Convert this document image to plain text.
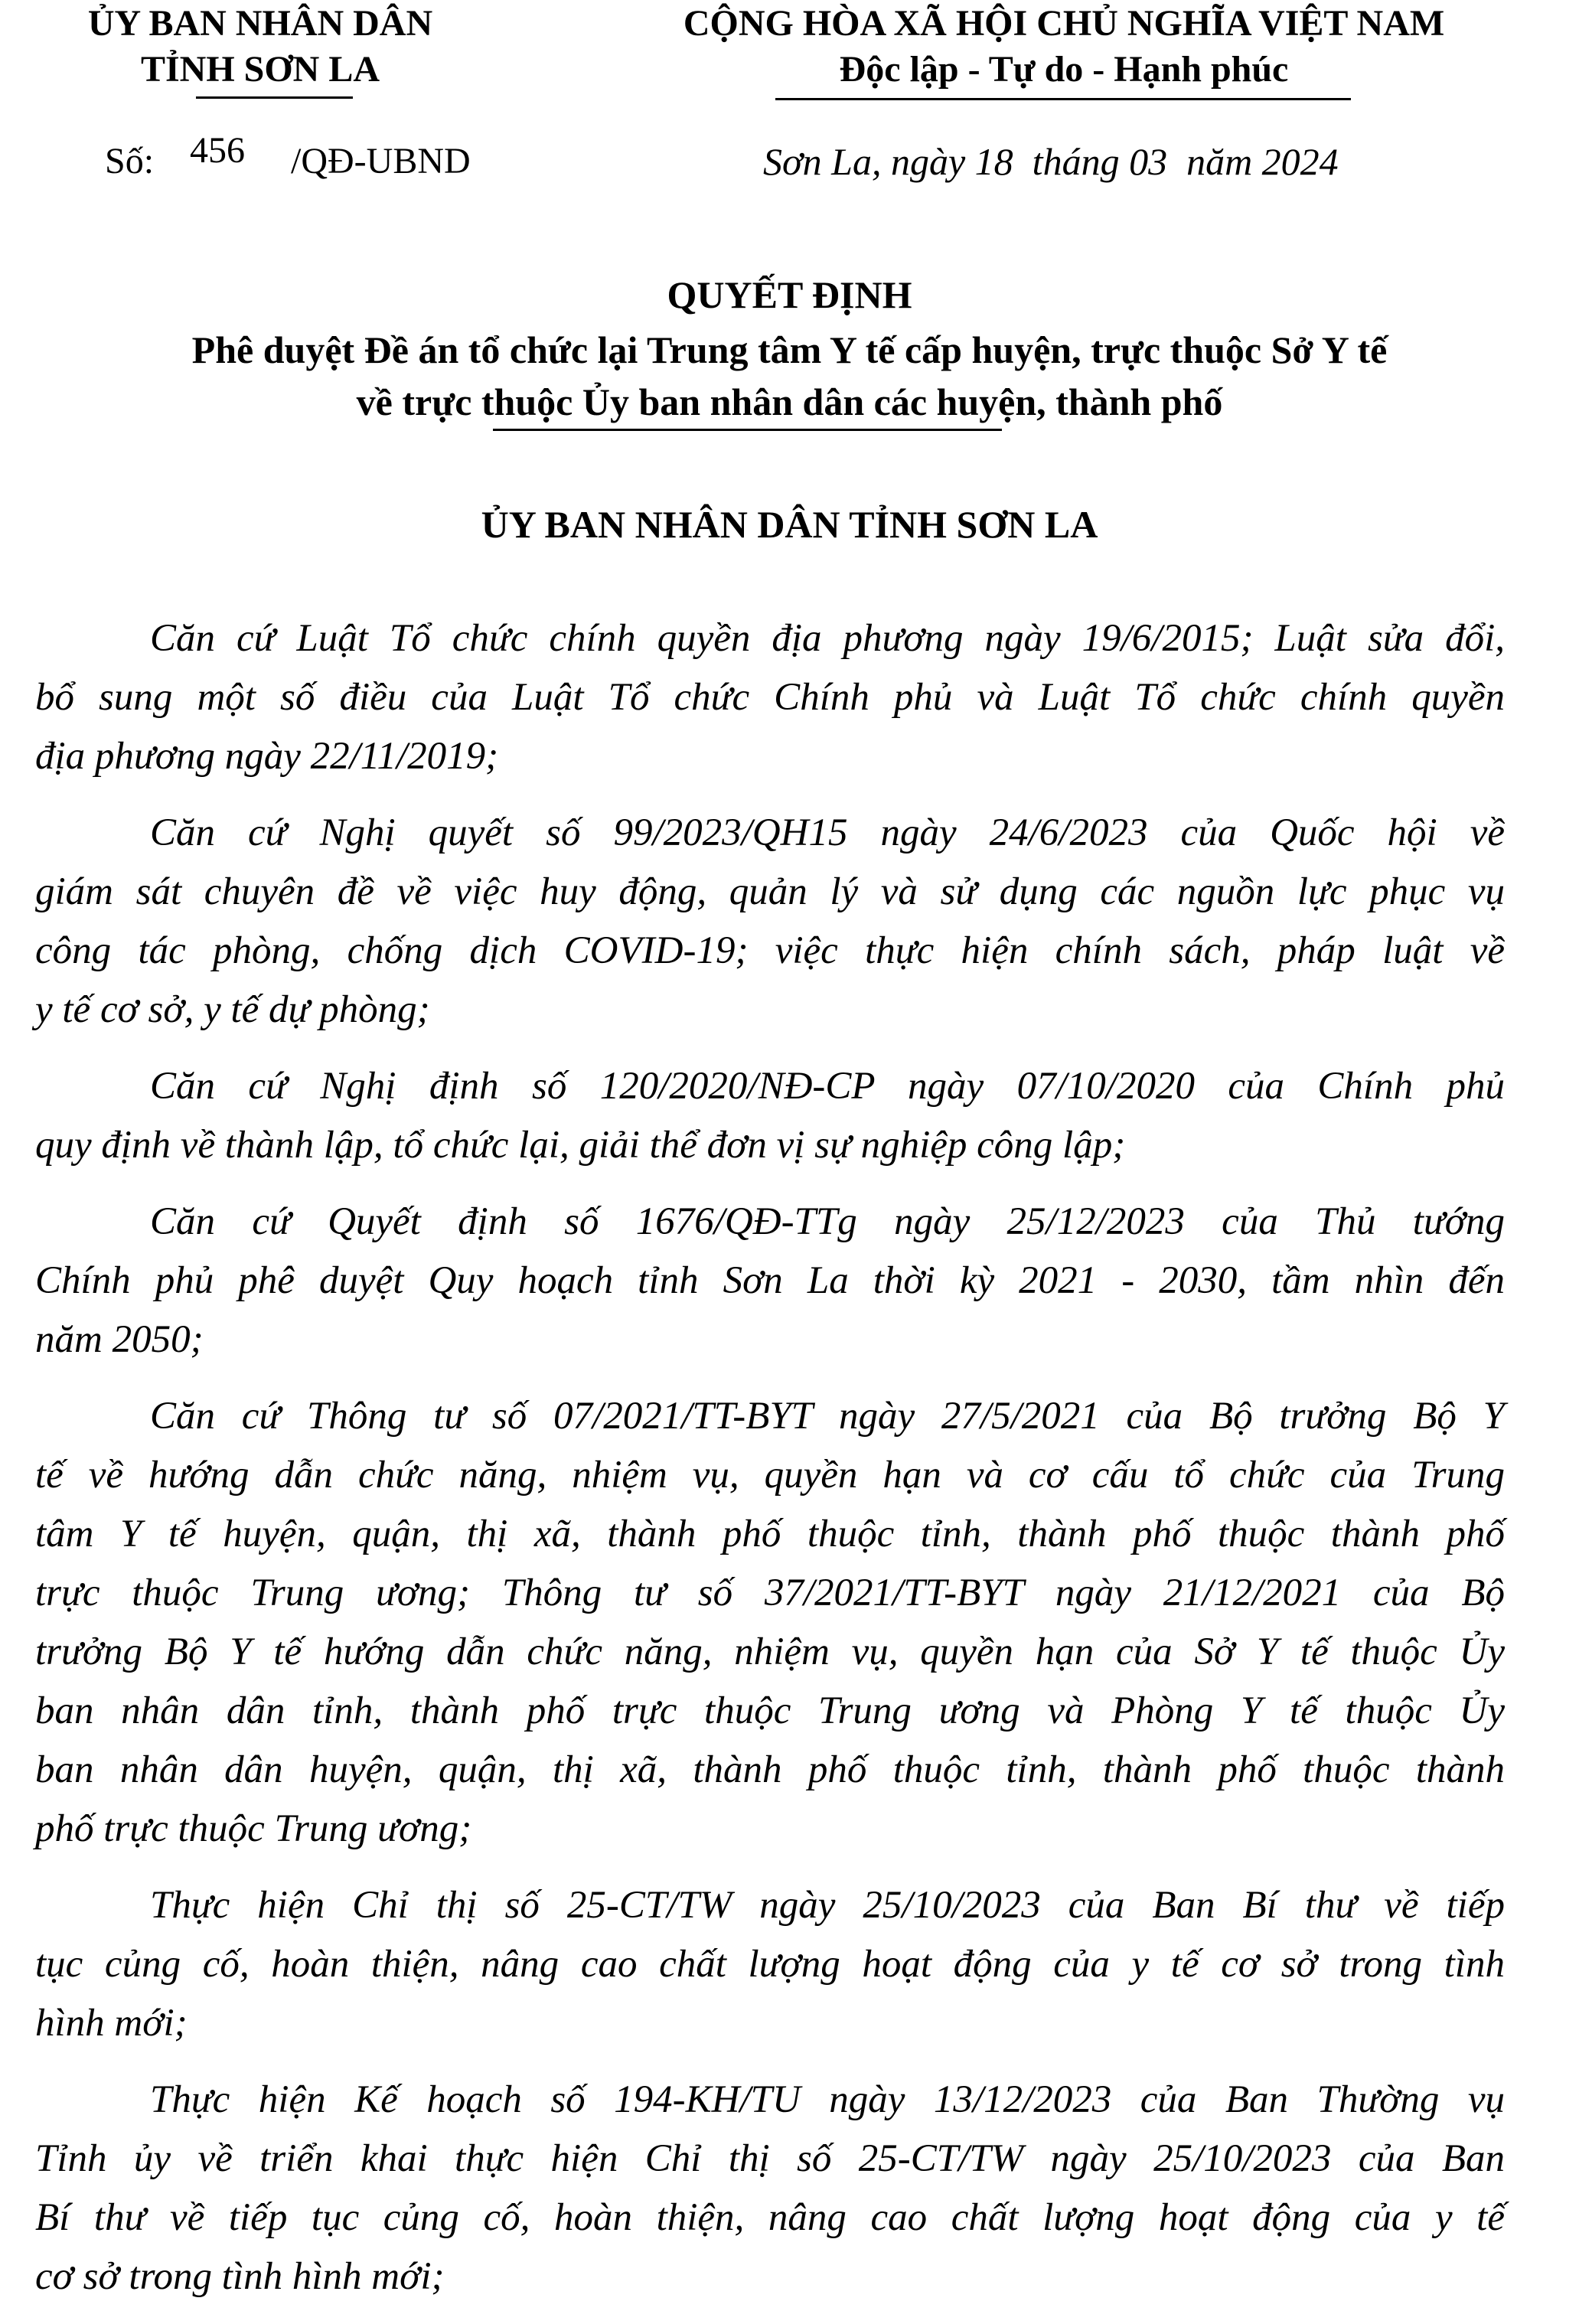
ỦY BAN NHÂN DÂN
TỈNH SƠN LA
CỘNG HÒA XÃ HỘI CHỦ NGHĨA VIỆT NAM
Độc lập - Tự do - Hạnh phúc
Số: 456 /QĐ-UBND	Sơn La, ngày 18  tháng 03  năm 2024
QUYẾT ĐỊNH
Phê duyệt Đề án tổ chức lại Trung tâm Y tế cấp huyện, trực thuộc Sở Y tế
về trực thuộc Ủy ban nhân dân các huyện, thành phố
ỦY BAN NHÂN DÂN TỈNH SƠN LA
Căn cứ Luật Tổ chức chính quyền địa phương ngày 19/6/2015; Luật sửa đổi,
bổ sung một số điều của Luật Tổ chức Chính phủ và Luật Tổ chức chính quyền
địa phương ngày 22/11/2019;
Căn cứ Nghị quyết số 99/2023/QH15 ngày 24/6/2023 của Quốc hội về
giám sát chuyên đề về việc huy động, quản lý và sử dụng các nguồn lực phục vụ
công tác phòng, chống dịch COVID-19; việc thực hiện chính sách, pháp luật về
y tế cơ sở, y tế dự phòng;
Căn cứ Nghị định số 120/2020/NĐ-CP ngày 07/10/2020 của Chính phủ
quy định về thành lập, tổ chức lại, giải thể đơn vị sự nghiệp công lập;
Căn cứ Quyết định số 1676/QĐ-TTg ngày 25/12/2023 của Thủ tướng
Chính phủ phê duyệt Quy hoạch tỉnh Sơn La thời kỳ 2021 - 2030, tầm nhìn đến
năm 2050;
Căn cứ Thông tư số 07/2021/TT-BYT ngày 27/5/2021 của Bộ trưởng Bộ Y
tế về hướng dẫn chức năng, nhiệm vụ, quyền hạn và cơ cấu tổ chức của Trung
tâm Y tế huyện, quận, thị xã, thành phố thuộc tỉnh, thành phố thuộc thành phố
trực thuộc Trung ương; Thông tư số 37/2021/TT-BYT ngày 21/12/2021 của Bộ
trưởng Bộ Y tế hướng dẫn chức năng, nhiệm vụ, quyền hạn của Sở Y tế thuộc Ủy
ban nhân dân tỉnh, thành phố trực thuộc Trung ương và Phòng Y tế thuộc Ủy
ban nhân dân huyện, quận, thị xã, thành phố thuộc tỉnh, thành phố thuộc thành
phố trực thuộc Trung ương;
Thực hiện Chỉ thị số 25-CT/TW ngày 25/10/2023 của Ban Bí thư về tiếp
tục củng cố, hoàn thiện, nâng cao chất lượng hoạt động của y tế cơ sở trong tình
hình mới;
Thực hiện Kế hoạch số 194-KH/TU ngày 13/12/2023 của Ban Thường vụ
Tỉnh ủy về triển khai thực hiện Chỉ thị số 25-CT/TW ngày 25/10/2023 của Ban
Bí thư về tiếp tục củng cố, hoàn thiện, nâng cao chất lượng hoạt động của y tế
cơ sở trong tình hình mới;
